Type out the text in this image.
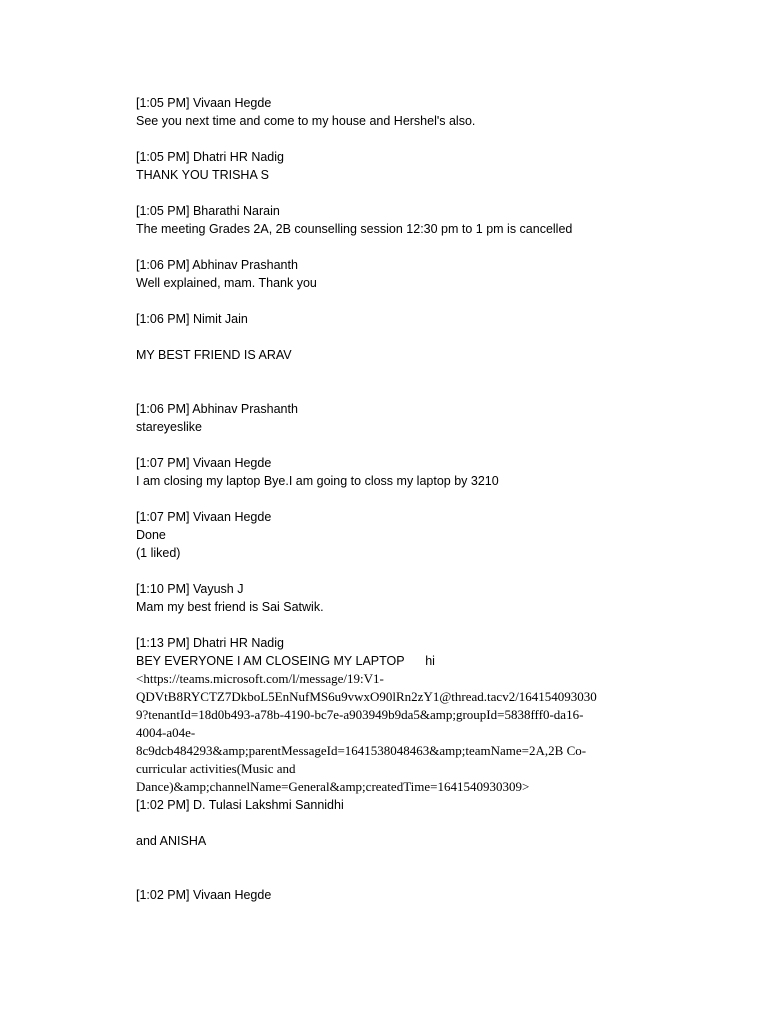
[1:05 PM] Vivaan Hegde
See you next time and come to my house and Hershel's also.

[1:05 PM] Dhatri HR Nadig
THANK YOU TRISHA S

[1:05 PM] Bharathi Narain
The meeting Grades 2A, 2B counselling session 12:30 pm to 1 pm is cancelled

[1:06 PM] Abhinav Prashanth
Well explained, mam. Thank you

[1:06 PM] Nimit Jain

MY BEST FRIEND IS ARAV

[1:06 PM] Abhinav Prashanth
stareyeslike

[1:07 PM] Vivaan Hegde
I am closing my laptop Bye.I am going to closs my laptop by 3210

[1:07 PM] Vivaan Hegde
Done
(1 liked)

[1:10 PM] Vayush J
Mam my best friend is Sai Satwik.

[1:13 PM] Dhatri HR Nadig
BEY EVERYONE I AM CLOSEING MY LAPTOP      hi
<https://teams.microsoft.com/l/message/19:V1-
QDVtB8RYCTZ7DkboL5EnNufMS6u9vwxO90lRn2zY1@thread.tacv2/164154093030
9?tenantId=18d0b493-a78b-4190-bc7e-a903949b9da5&amp;groupId=5838fff0-da16-
4004-a04e-
8c9dcb484293&amp;parentMessageId=1641538048463&amp;teamName=2A,2B Co-
curricular activities(Music and
Dance)&amp;channelName=General&amp;createdTime=1641540930309>
[1:02 PM] D. Tulasi Lakshmi Sannidhi

and ANISHA

[1:02 PM] Vivaan Hegde
